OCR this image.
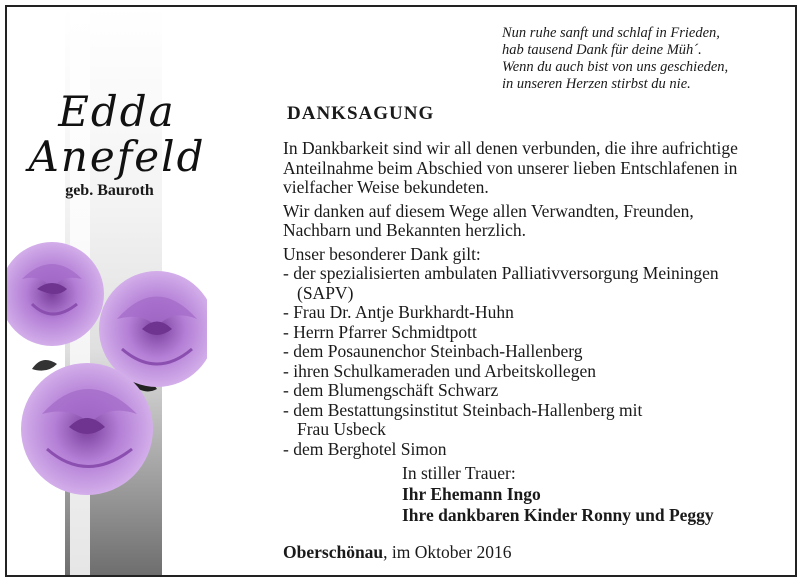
Edda
Anefeld
geb. Bauroth
Nun ruhe sanft und schlaf in Frieden,
hab tausend Dank für deine Müh´.
Wenn du auch bist von uns geschieden,
in unseren Herzen stirbst du nie.
DANKSAGUNG
In Dankbarkeit sind wir all denen verbunden, die ihre aufrichtige
Anteilnahme beim Abschied von unserer lieben Entschlafenen in
vielfacher Weise bekundeten.
Wir danken auf diesem Wege allen Verwandten, Freunden,
Nachbarn und Bekannten herzlich.
Unser besonderer Dank gilt:
- der spezialisierten ambulaten Palliativversorgung Meiningen
(SAPV)
- Frau Dr. Antje Burkhardt-Huhn
- Herrn Pfarrer Schmidtpott
- dem Posaunenchor Steinbach-Hallenberg
- ihren Schulkameraden und Arbeitskollegen
- dem Blumengschäft Schwarz
- dem Bestattungsinstitut Steinbach-Hallenberg mit
Frau Usbeck
- dem Berghotel Simon
In stiller Trauer:
Ihr Ehemann Ingo
Ihre dankbaren Kinder Ronny und Peggy
Oberschönau, im Oktober 2016
